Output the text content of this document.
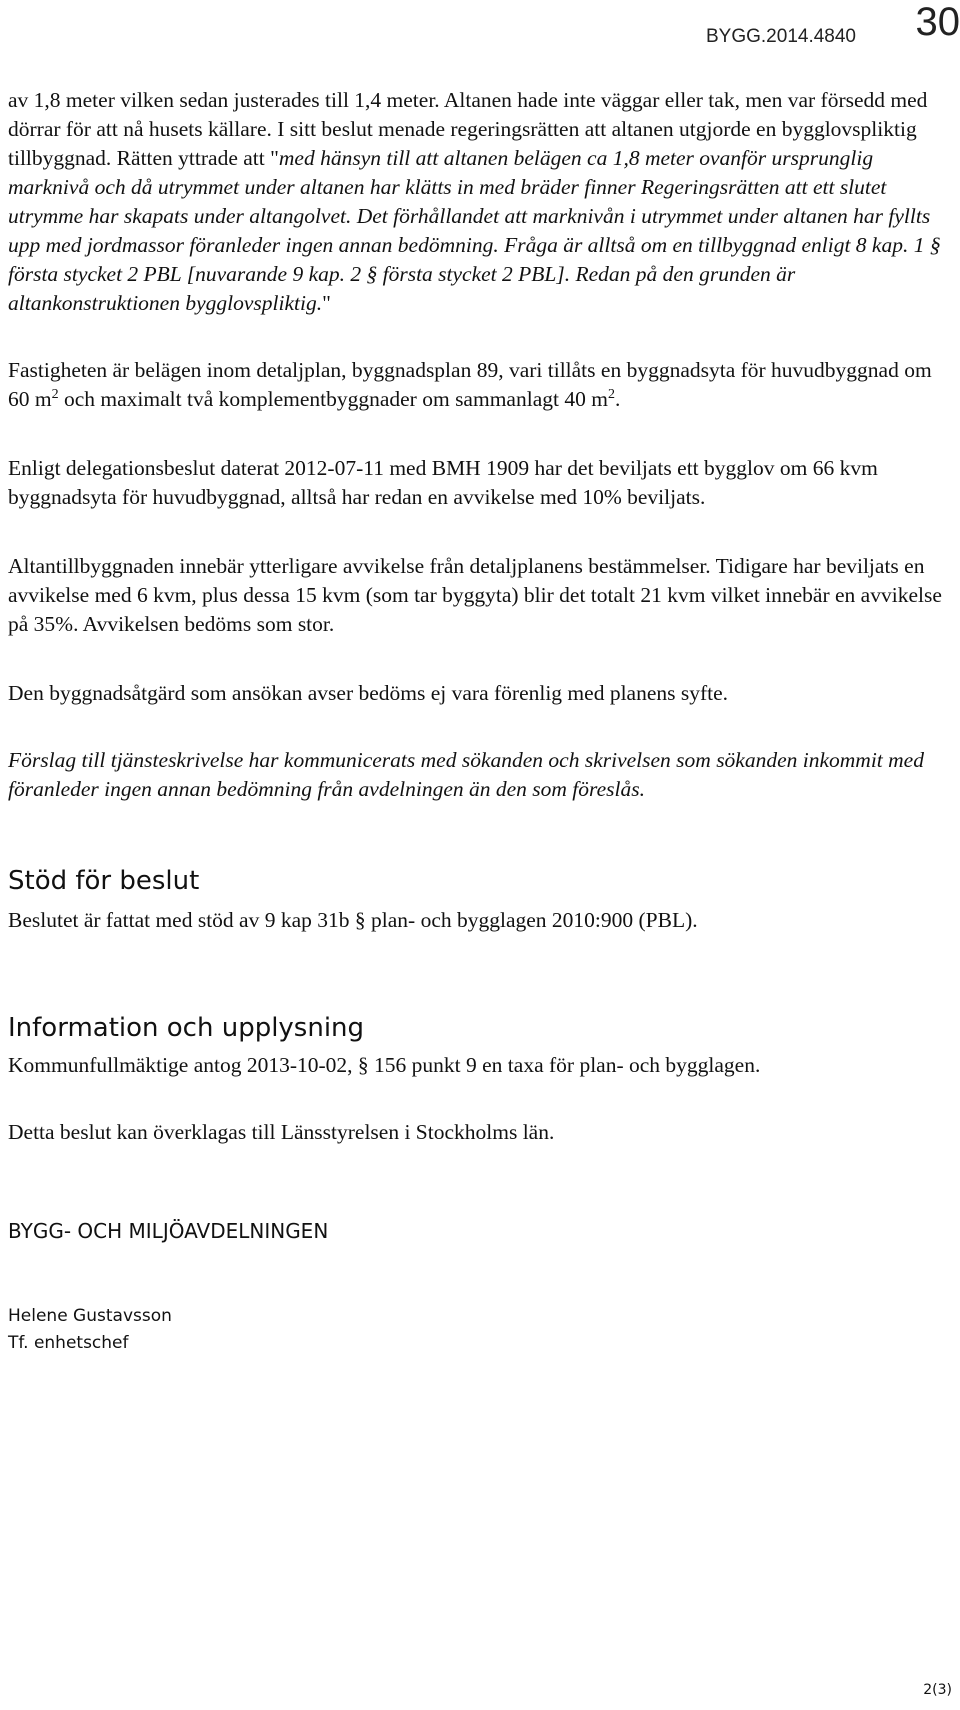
30
BYGG.2014.4840

av 1,8 meter vilken sedan justerades till 1,4 meter. Altanen hade inte väggar eller tak, men var försedd med dörrar för att nå husets källare. I sitt beslut menade regeringsrätten att altanen utgjorde en bygglovspliktig tillbyggnad. Rätten yttrade att "med hänsyn till att altanen belägen ca 1,8 meter ovanför ursprunglig marknivå och då utrymmet under altanen har klätts in med bräder finner Regeringsrätten att ett slutet utrymme har skapats under altangolvet. Det förhållandet att marknivån i utrymmet under altanen har fyllts upp med jordmassor föranleder ingen annan bedömning. Fråga är alltså om en tillbyggnad enligt 8 kap. 1 § första stycket 2 PBL [nuvarande 9 kap. 2 § första stycket 2 PBL]. Redan på den grunden är altankonstruktionen bygglovspliktig."

Fastigheten är belägen inom detaljplan, byggnadsplan 89, vari tillåts en byggnadsyta för huvudbyggnad om 60 $m^2$ och maximalt två komplementbyggnader om sammanlagt 40 $m^2$.

Enligt delegationsbeslut daterat 2012-07-11 med BMH 1909 har det beviljats ett bygglov om 66 kvm byggnadsyta för huvudbyggnad, alltså har redan en avvikelse med 10% beviljats.

Altantillbyggnaden innebär ytterligare avvikelse från detaljplanens bestämmelser. Tidigare har beviljats en avvikelse med 6 kvm, plus dessa 15 kvm (som tar byggyta) blir det totalt 21 kvm vilket innebär en avvikelse på 35%. Avvikelsen bedöms som stor.

Den byggnadsåtgärd som ansökan avser bedöms ej vara förenlig med planens syfte.

Förslag till tjänsteskrivelse har kommunicerats med sökanden och skrivelsen som sökanden inkommit med föranleder ingen annan bedömning från avdelningen än den som föreslås.

Stöd för beslut

Beslutet är fattat med stöd av 9 kap 31b § plan- och bygglagen 2010:900 (PBL).

Information och upplysning

Kommunfullmäktige antog 2013-10-02, § 156 punkt 9 en taxa för plan- och bygglagen.

Detta beslut kan överklagas till Länsstyrelsen i Stockholms län.

BYGG- OCH MILJÖAVDELNINGEN
Helene Gustavsson
Tf. enhetschef
2(3)
